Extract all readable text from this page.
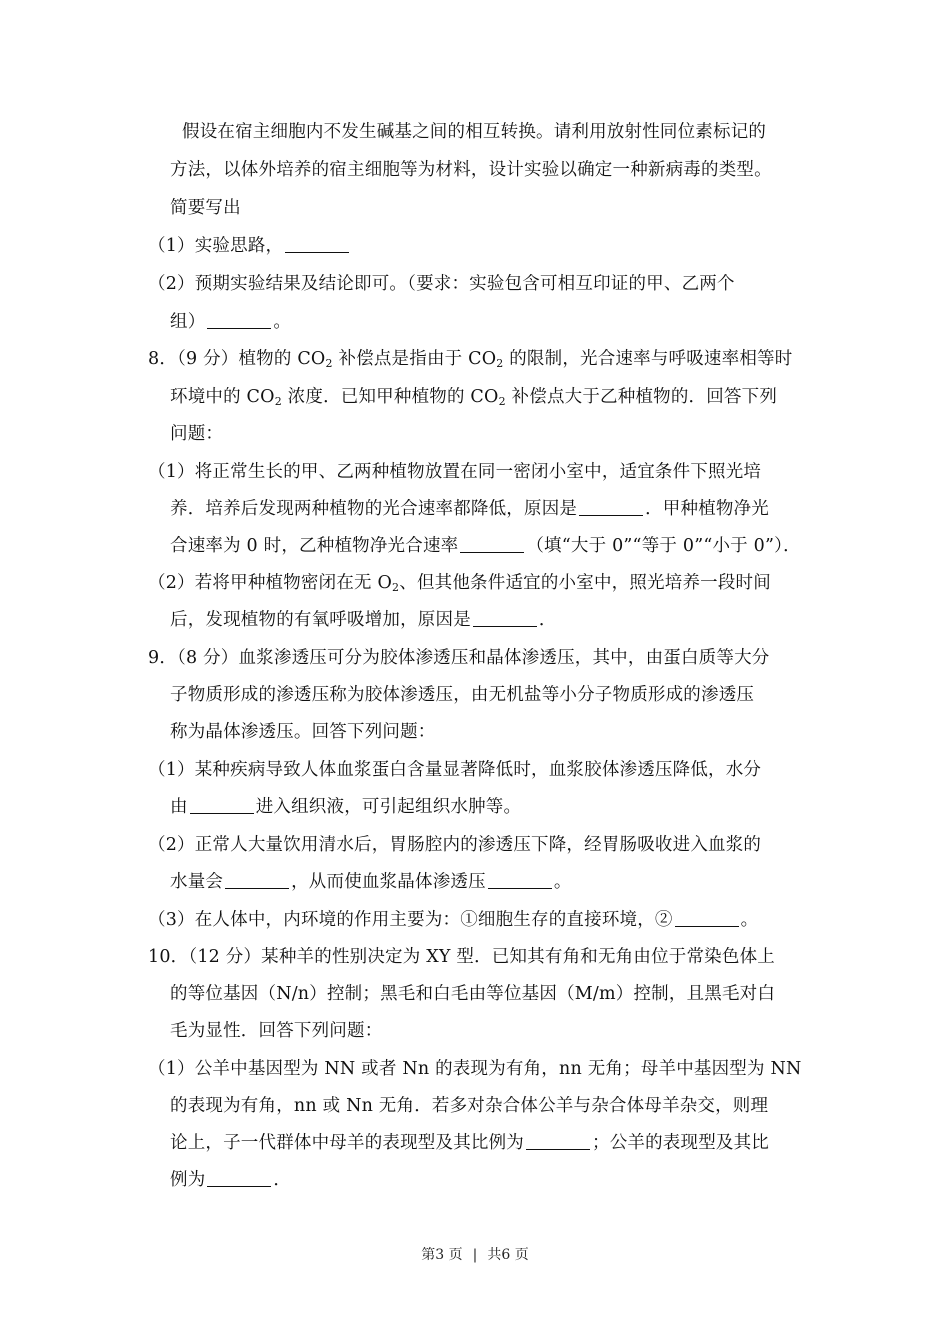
假设在宿主细胞内不发生碱基之间的相互转换。请利用放射性同位素标记的
方法，以体外培养的宿主细胞等为材料，设计实验以确定一种新病毒的类型。
简要写出
（1）实验思路，
（2）预期实验结果及结论即可。（要求：实验包含可相互印证的甲、乙两个
组）	。
8．（9 分）植物的 $CO_2$ 补偿点是指由于 $CO_2$ 的限制，光合速率与呼吸速率相等时
环境中的 $CO_2$ 浓度．已知甲种植物的 $CO_2$ 补偿点大于乙种植物的．回答下列
问题：
（1）将正常生长的甲、乙两种植物放置在同一密闭小室中，适宜条件下照光培
养．培养后发现两种植物的光合速率都降低，原因是	．甲种植物净光
合速率为 0 时，乙种植物净光合速率	（填“大于 0”“等于 0”“小于 0”）．
（2）若将甲种植物密闭在无 $O_2$、但其他条件适宜的小室中，照光培养一段时间
后，发现植物的有氧呼吸增加，原因是	．
9．（8 分）血浆渗透压可分为胶体渗透压和晶体渗透压，其中，由蛋白质等大分
子物质形成的渗透压称为胶体渗透压，由无机盐等小分子物质形成的渗透压
称为晶体渗透压。回答下列问题：
（1）某种疾病导致人体血浆蛋白含量显著降低时，血浆胶体渗透压降低，水分
由	进入组织液，可引起组织水肿等。
（2）正常人大量饮用清水后，胃肠腔内的渗透压下降，经胃肠吸收进入血浆的
水量会	，从而使血浆晶体渗透压	。
（3）在人体中，内环境的作用主要为：①细胞生存的直接环境，②	。
10．（12 分）某种羊的性别决定为 XY 型．已知其有角和无角由位于常染色体上
的等位基因（N/n）控制；黑毛和白毛由等位基因（M/m）控制，且黑毛对白
毛为显性．回答下列问题：
（1）公羊中基因型为 NN 或者 Nn 的表现为有角，nn 无角；母羊中基因型为 NN
的表现为有角，nn 或 Nn 无角．若多对杂合体公羊与杂合体母羊杂交，则理
论上，子一代群体中母羊的表现型及其比例为	；公羊的表现型及其比
例为	．
第3 页 | 共6 页
